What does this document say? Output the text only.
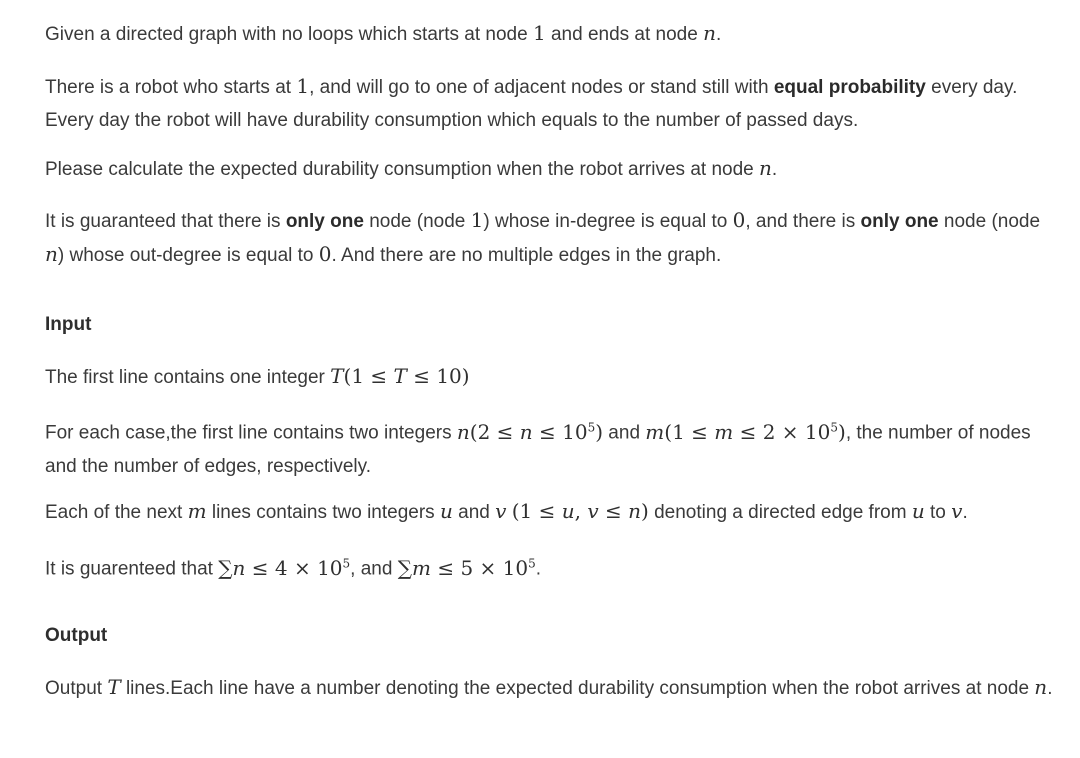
Given a directed graph with no loops which starts at node 1 and ends at node n.

There is a robot who starts at 1, and will go to one of adjacent nodes or stand still with equal probability every day. Every day the robot will have durability consumption which equals to the number of passed days.

Please calculate the expected durability consumption when the robot arrives at node n.

It is guaranteed that there is only one node (node 1) whose in-degree is equal to 0, and there is only one node (node n) whose out-degree is equal to 0. And there are no multiple edges in the graph.

Input

The first line contains one integer T(1 ≤ T ≤ 10)

For each case,the first line contains two integers $n(2 \le n \le 10^5)$ and $m(1 \le m \le 2 \times 10^5)$, the number of nodes and the number of edges, respectively.

Each of the next m lines contains two integers u and v (1 ≤ u, v ≤ n) denoting a directed edge from u to v.

It is guarenteed that $\sum n \le 4 \times 10^5$, and $\sum m \le 5 \times 10^5$.

Output

Output T lines.Each line have a number denoting the expected durability consumption when the robot arrives at node n.
